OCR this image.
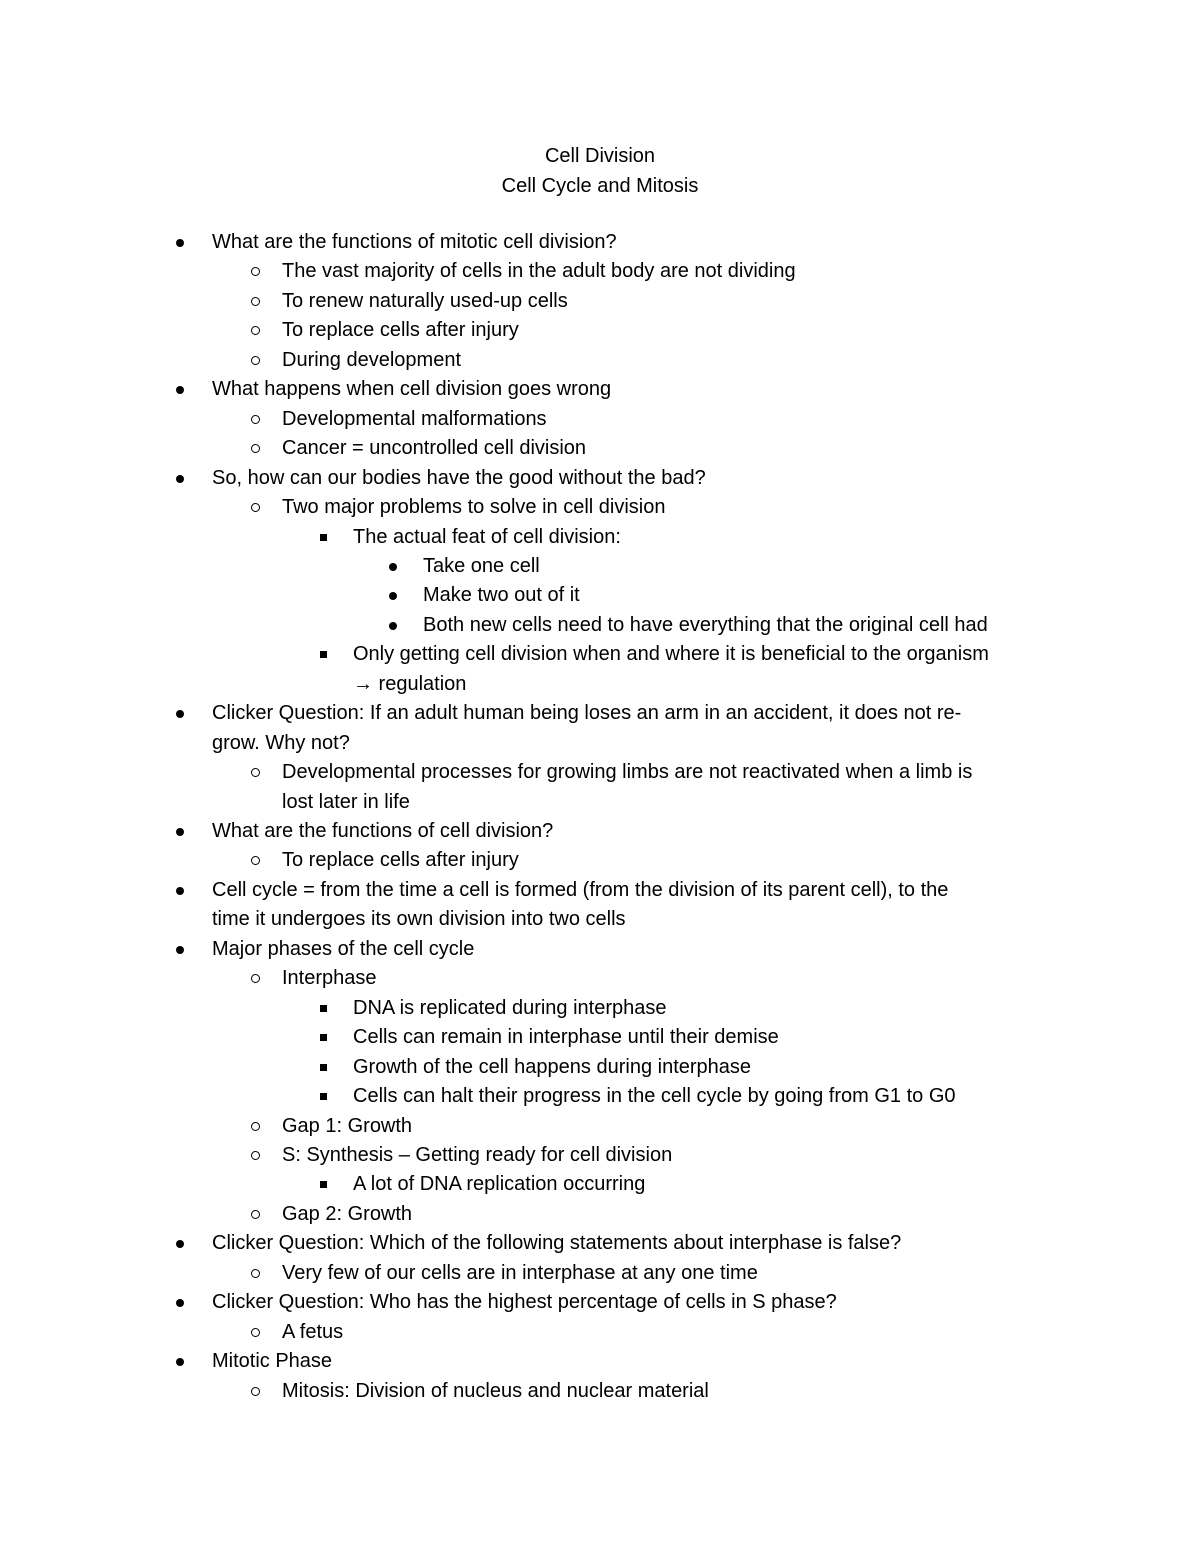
Cell Division
Cell Cycle and Mitosis
What are the functions of mitotic cell division?
The vast majority of cells in the adult body are not dividing
To renew naturally used-up cells
To replace cells after injury
During development
What happens when cell division goes wrong
Developmental malformations
Cancer = uncontrolled cell division
So, how can our bodies have the good without the bad?
Two major problems to solve in cell division
The actual feat of cell division:
Take one cell
Make two out of it
Both new cells need to have everything that the original cell had
Only getting cell division when and where it is beneficial to the organism
→ regulation
Clicker Question: If an adult human being loses an arm in an accident, it does not re-
grow. Why not?
Developmental processes for growing limbs are not reactivated when a limb is
lost later in life
What are the functions of cell division?
To replace cells after injury
Cell cycle = from the time a cell is formed (from the division of its parent cell), to the
time it undergoes its own division into two cells
Major phases of the cell cycle
Interphase
DNA is replicated during interphase
Cells can remain in interphase until their demise
Growth of the cell happens during interphase
Cells can halt their progress in the cell cycle by going from G1 to G0
Gap 1: Growth
S: Synthesis – Getting ready for cell division
A lot of DNA replication occurring
Gap 2: Growth
Clicker Question: Which of the following statements about interphase is false?
Very few of our cells are in interphase at any one time
Clicker Question: Who has the highest percentage of cells in S phase?
A fetus
Mitotic Phase
Mitosis: Division of nucleus and nuclear material
